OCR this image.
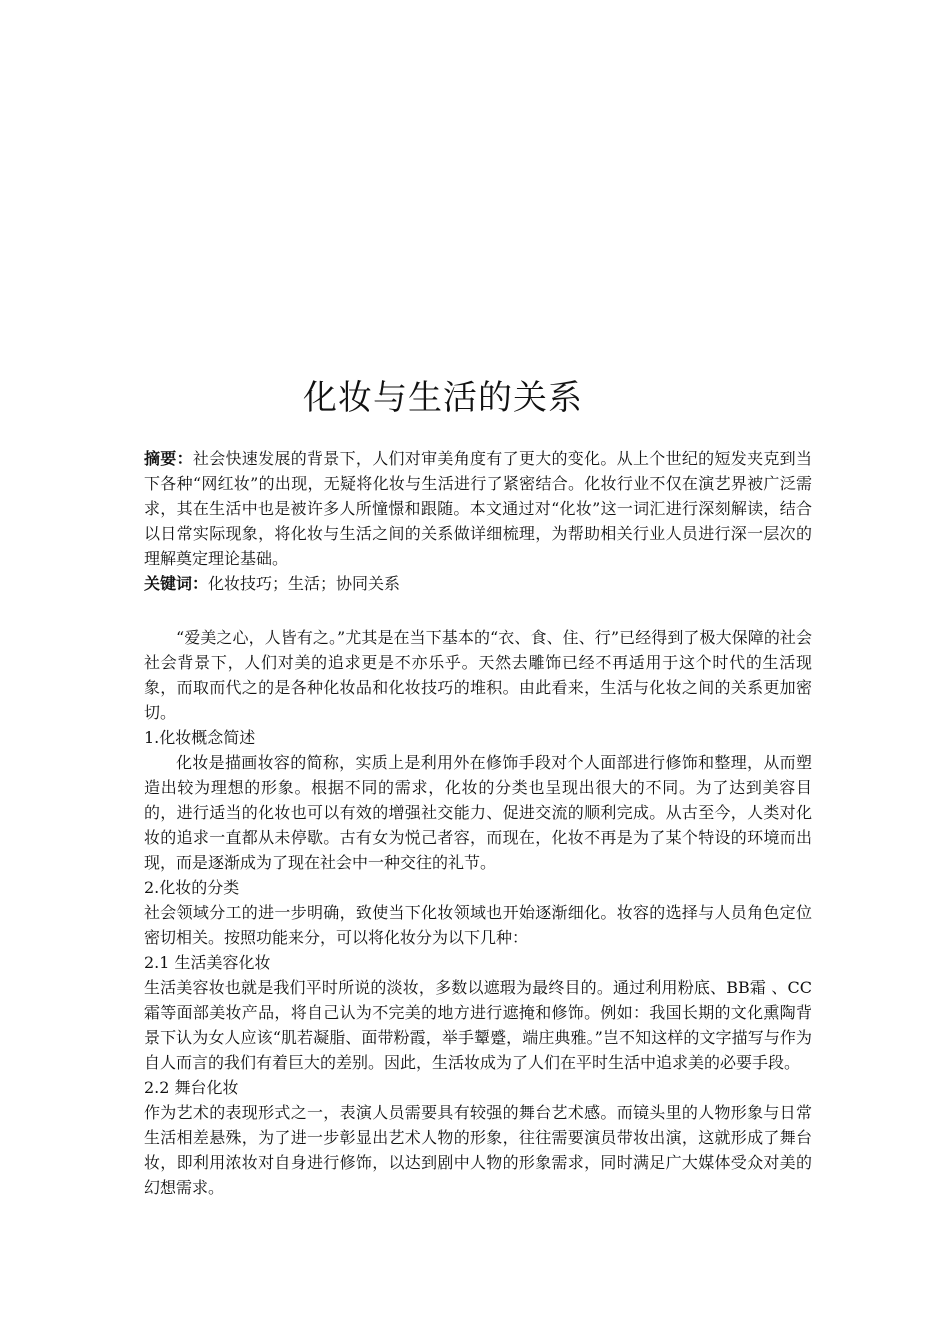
化妆与生活的关系

摘要：社会快速发展的背景下，人们对审美角度有了更大的变化。从上个世纪的短发夹克到当下各种“网红妆”的出现，无疑将化妆与生活进行了紧密结合。化妆行业不仅在演艺界被广泛需求，其在生活中也是被许多人所憧憬和跟随。本文通过对“化妆”这一词汇进行深刻解读，结合以日常实际现象，将化妆与生活之间的关系做详细梳理，为帮助相关行业人员进行深一层次的理解奠定理论基础。

关键词：化妆技巧；生活；协同关系

“爱美之心，人皆有之。”尤其是在当下基本的“衣、食、住、行”已经得到了极大保障的社会社会背景下，人们对美的追求更是不亦乐乎。天然去雕饰已经不再适用于这个时代的生活现象，而取而代之的是各种化妆品和化妆技巧的堆积。由此看来，生活与化妆之间的关系更加密切。

1.化妆概念简述

化妆是描画妆容的简称，实质上是利用外在修饰手段对个人面部进行修饰和整理，从而塑造出较为理想的形象。根据不同的需求，化妆的分类也呈现出很大的不同。为了达到美容目的，进行适当的化妆也可以有效的增强社交能力、促进交流的顺利完成。从古至今，人类对化妆的追求一直都从未停歇。古有女为悦己者容，而现在，化妆不再是为了某个特设的环境而出现，而是逐渐成为了现在社会中一种交往的礼节。

2.化妆的分类

社会领域分工的进一步明确，致使当下化妆领域也开始逐渐细化。妆容的选择与人员角色定位密切相关。按照功能来分，可以将化妆分为以下几种：

2.1 生活美容化妆

生活美容妆也就是我们平时所说的淡妆，多数以遮瑕为最终目的。通过利用粉底、BB霜 、CC霜等面部美妆产品，将自己认为不完美的地方进行遮掩和修饰。例如：我国长期的文化熏陶背景下认为女人应该“肌若凝脂、面带粉霞，举手颦蹙，端庄典雅。”岂不知这样的文字描写与作为自人而言的我们有着巨大的差别。因此，生活妆成为了人们在平时生活中追求美的必要手段。

2.2 舞台化妆

作为艺术的表现形式之一，表演人员需要具有较强的舞台艺术感。而镜头里的人物形象与日常生活相差悬殊，为了进一步彰显出艺术人物的形象，往往需要演员带妆出演，这就形成了舞台妆，即利用浓妆对自身进行修饰，以达到剧中人物的形象需求，同时满足广大媒体受众对美的幻想需求。
